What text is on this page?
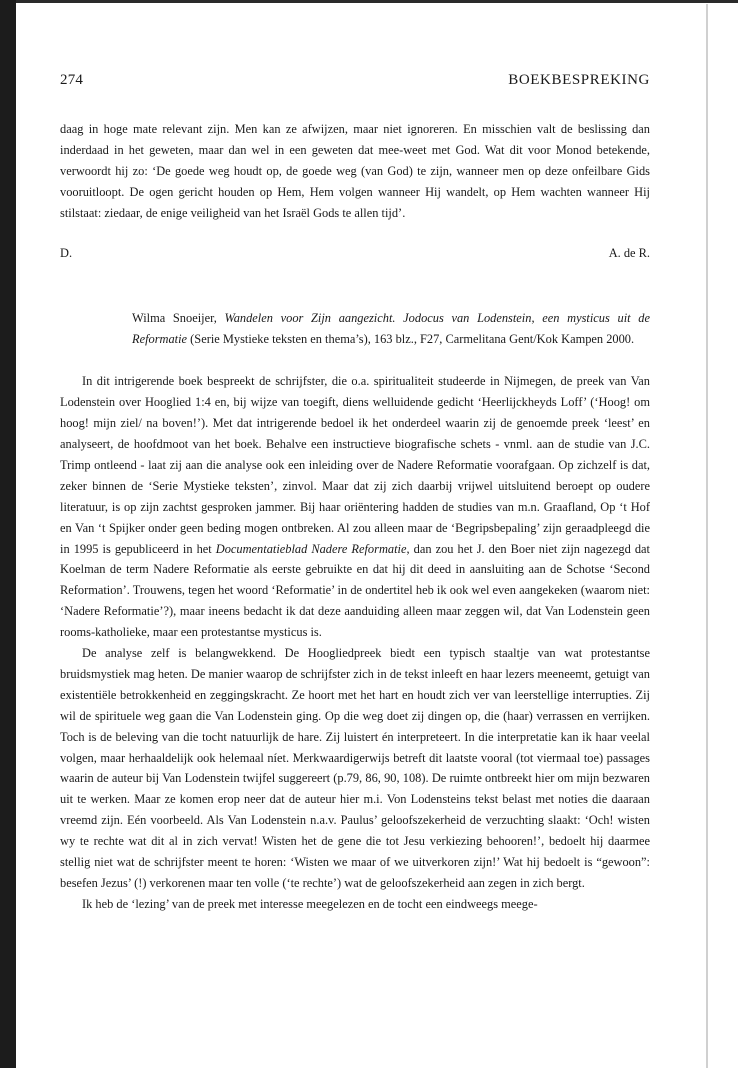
274	BOEKBESPREKING

daag in hoge mate relevant zijn. Men kan ze afwijzen, maar niet ignoreren. En misschien valt de beslissing dan inderdaad in het geweten, maar dan wel in een geweten dat mee-weet met God. Wat dit voor Monod betekende, verwoordt hij zo: ‘De goede weg houdt op, de goede weg (van God) te zijn, wanneer men op deze onfeilbare Gids vooruitloopt. De ogen gericht houden op Hem, Hem volgen wanneer Hij wandelt, op Hem wachten wanneer Hij stilstaat: ziedaar, de enige veiligheid van het Israël Gods te allen tijd’.

D.	A. de R.

Wilma Snoeijer, Wandelen voor Zijn aangezicht. Jodocus van Lodenstein, een mysticus uit de Reformatie (Serie Mystieke teksten en thema’s), 163 blz., F27, Carmelitana Gent/Kok Kampen 2000.

In dit intrigerende boek bespreekt de schrijfster, die o.a. spiritualiteit studeerde in Nijmegen, de preek van Van Lodenstein over Hooglied 1:4 en, bij wijze van toegift, diens welluidende gedicht ‘Heerlijckheyds Loff’ (‘Hoog! om hoog! mijn ziel/ na boven!’). Met dat intrigerende bedoel ik het onderdeel waarin zij de genoemde preek ‘leest’ en analyseert, de hoofdmoot van het boek. Behalve een instructieve biografische schets - vnml. aan de studie van J.C. Trimp ontleend - laat zij aan die analyse ook een inleiding over de Nadere Reformatie voorafgaan. Op zichzelf is dat, zeker binnen de ‘Serie Mystieke teksten’, zinvol. Maar dat zij zich daarbij vrijwel uitsluitend beroept op oudere literatuur, is op zijn zachtst gesproken jammer. Bij haar oriëntering hadden de studies van m.n. Graafland, Op ‘t Hof en Van ‘t Spijker onder geen beding mogen ontbreken. Al zou alleen maar de ‘Begripsbepaling’ zijn geraadpleegd die in 1995 is gepubliceerd in het Documentatieblad Nadere Reformatie, dan zou het J. den Boer niet zijn nagezegd dat Koelman de term Nadere Reformatie als eerste gebruikte en dat hij dit deed in aansluiting aan de Schotse ‘Second Reformation’. Trouwens, tegen het woord ‘Reformatie’ in de ondertitel heb ik ook wel even aangekeken (waarom niet: ‘Nadere Reformatie’?), maar ineens bedacht ik dat deze aanduiding alleen maar zeggen wil, dat Van Lodenstein geen rooms-katholieke, maar een protestantse mysticus is.

De analyse zelf is belangwekkend. De Hoogliedpreek biedt een typisch staaltje van wat protestantse bruidsmystiek mag heten. De manier waarop de schrijfster zich in de tekst inleeft en haar lezers meeneemt, getuigt van existentiële betrokkenheid en zeggingskracht. Ze hoort met het hart en houdt zich ver van leerstellige interrupties. Zij wil de spirituele weg gaan die Van Lodenstein ging. Op die weg doet zij dingen op, die (haar) verrassen en verrijken. Toch is de beleving van die tocht natuurlijk de hare. Zij luistert én interpreteert. In die interpretatie kan ik haar veelal volgen, maar herhaaldelijk ook helemaal níet. Merkwaardigerwijs betreft dit laatste vooral (tot viermaal toe) passages waarin de auteur bij Van Lodenstein twijfel suggereert (p.79, 86, 90, 108). De ruimte ontbreekt hier om mijn bezwaren uit te werken. Maar ze komen erop neer dat de auteur hier m.i. Von Lodensteins tekst belast met noties die daaraan vreemd zijn. Eén voorbeeld. Als Van Lodenstein n.a.v. Paulus’ geloofszekerheid de verzuchting slaakt: ‘Och! wisten wy te rechte wat dit al in zich vervat! Wisten het de gene die tot Jesu verkiezing behooren!’, bedoelt hij daarmee stellig niet wat de schrijfster meent te horen: ‘Wisten we maar of we uitverkoren zijn!’ Wat hij bedoelt is “gewoon”: besefen Jezus’ (!) verkorenen maar ten volle (‘te rechte’) wat de geloofszekerheid aan zegen in zich bergt.

Ik heb de ‘lezing’ van de preek met interesse meegelezen en de tocht een eindweegs meege-
